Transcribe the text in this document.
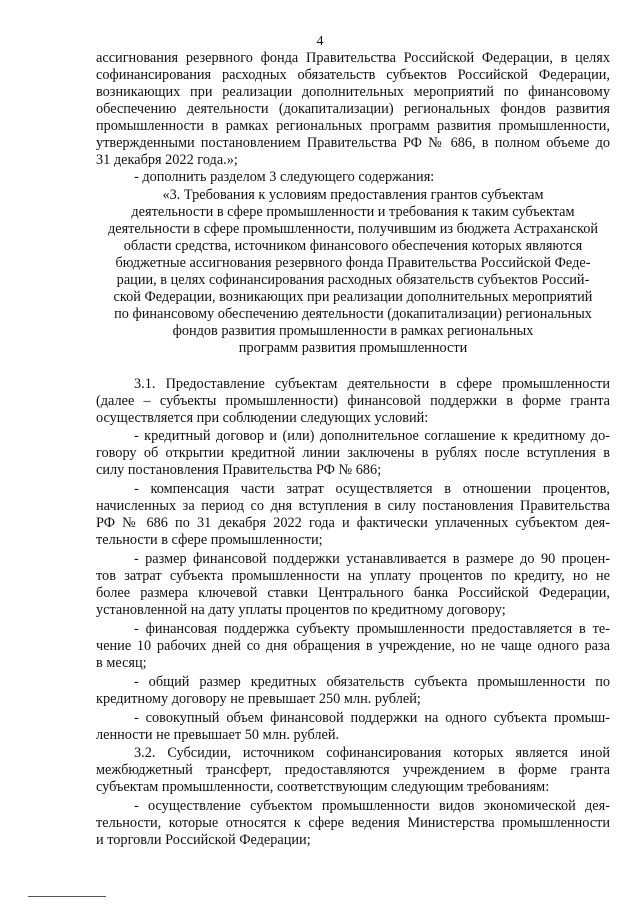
4

ассигнования резервного фонда Правительства Российской Федерации, в целях

софинансирования расходных обязательств субъектов Российской Федерации,

возникающих при реализации дополнительных мероприятий по финансовому

обеспечению деятельности (докапитализации) региональных фондов развития

промышленности в рамках региональных программ развития промышленности,

утвержденными постановлением Правительства РФ № 686, в полном объеме до

31 декабря 2022 года.»;

- дополнить разделом 3 следующего содержания:

«3. Требования к условиям предоставления грантов субъектам

деятельности в сфере промышленности и требования к таким субъектам

деятельности в сфере промышленности, получившим из бюджета Астраханской

области средства, источником финансового обеспечения которых являются

бюджетные ассигнования резервного фонда Правительства Российской Феде-

рации, в целях софинансирования расходных обязательств субъектов Россий-

ской Федерации, возникающих при реализации дополнительных мероприятий

по финансовому обеспечению деятельности (докапитализации) региональных

фондов развития промышленности в рамках региональных

программ развития промышленности

3.1. Предоставление субъектам деятельности в сфере промышленности

(далее – субъекты промышленности) финансовой поддержки в форме гранта

осуществляется при соблюдении следующих условий:

- кредитный договор и (или) дополнительное соглашение к кредитному до-

говору об открытии кредитной линии заключены в рублях после вступления в

силу постановления Правительства РФ № 686;

- компенсация части затрат осуществляется в отношении процентов,

начисленных за период со дня вступления в силу постановления Правительства

РФ № 686 по 31 декабря 2022 года и фактически уплаченных субъектом дея-

тельности в сфере промышленности;

- размер финансовой поддержки устанавливается в размере до 90 процен-

тов затрат субъекта промышленности на уплату процентов по кредиту, но не

более размера ключевой ставки Центрального банка Российской Федерации,

установленной на дату уплаты процентов по кредитному договору;

- финансовая поддержка субъекту промышленности предоставляется в те-

чение 10 рабочих дней со дня обращения в учреждение, но не чаще одного раза

в месяц;

- общий размер кредитных обязательств субъекта промышленности по

кредитному договору не превышает 250 млн. рублей;

- совокупный объем финансовой поддержки на одного субъекта промыш-

ленности не превышает 50 млн. рублей.

3.2. Субсидии, источником софинансирования которых является иной

межбюджетный трансферт, предоставляются учреждением в форме гранта

субъектам промышленности, соответствующим следующим требованиям:

- осуществление субъектом промышленности видов экономической дея-

тельности, которые относятся к сфере ведения Министерства промышленности

и торговли Российской Федерации;
